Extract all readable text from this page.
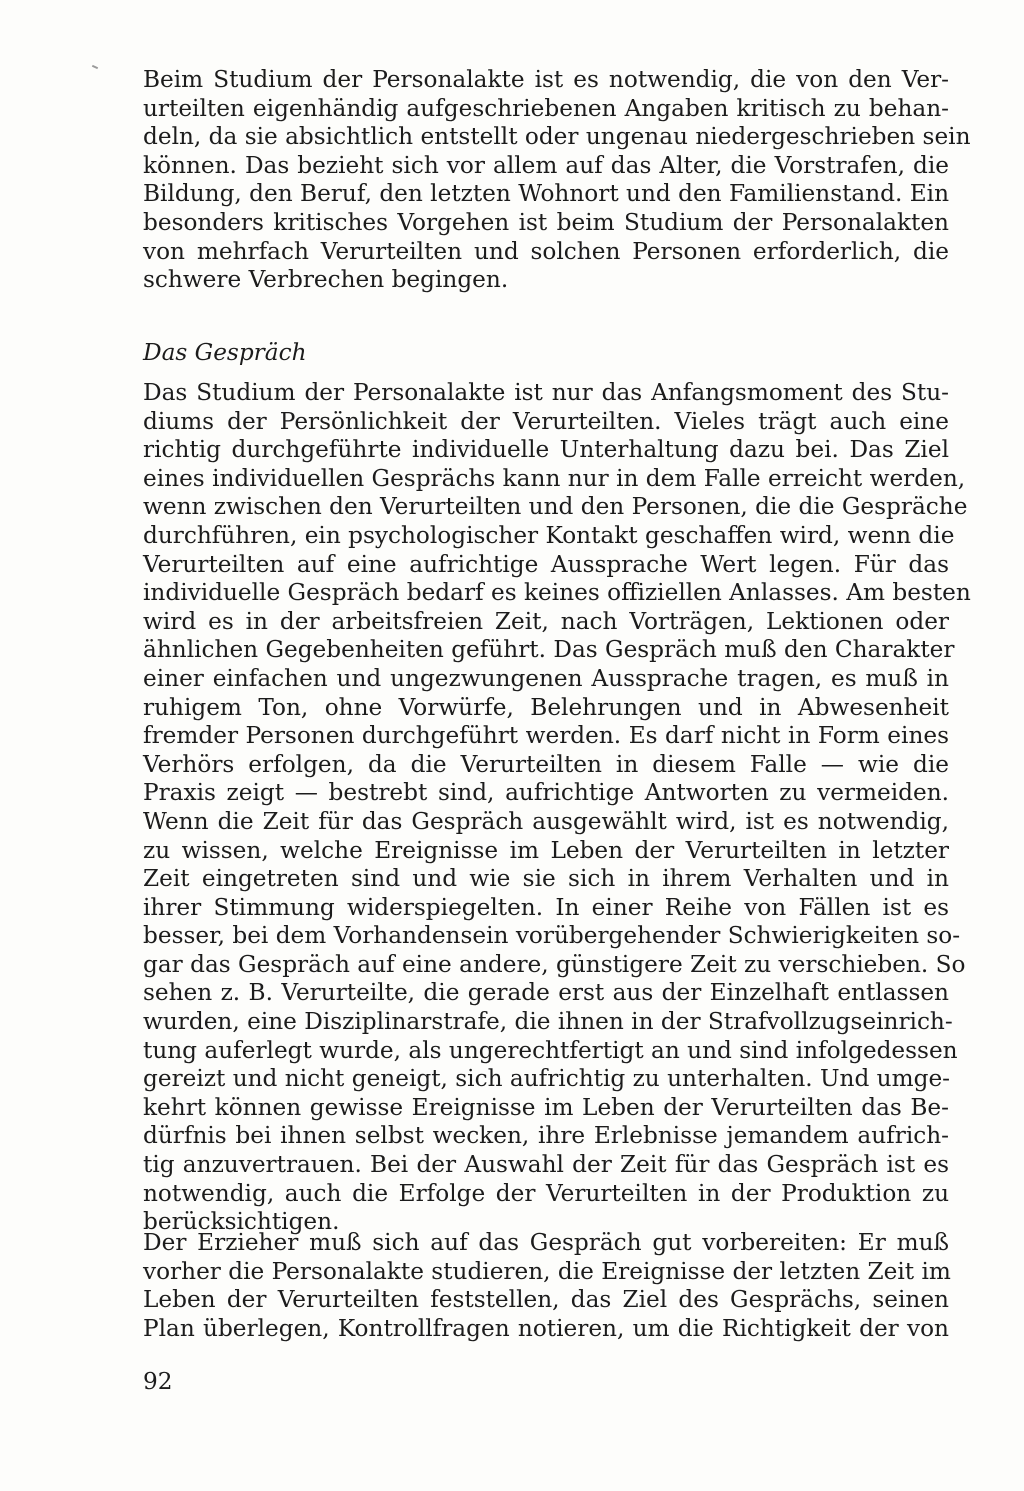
Beim Studium der Personalakte ist es notwendig, die von den Ver-
urteilten eigenhändig aufgeschriebenen Angaben kritisch zu behan-
deln, da sie absichtlich entstellt oder ungenau niedergeschrieben sein
können. Das bezieht sich vor allem auf das Alter, die Vorstrafen, die
Bildung, den Beruf, den letzten Wohnort und den Familienstand. Ein
besonders kritisches Vorgehen ist beim Studium der Personalakten
von mehrfach Verurteilten und solchen Personen erforderlich, die
schwere Verbrechen begingen.
Das Gespräch
Das Studium der Personalakte ist nur das Anfangsmoment des Stu-
diums der Persönlichkeit der Verurteilten. Vieles trägt auch eine
richtig durchgeführte individuelle Unterhaltung dazu bei. Das Ziel
eines individuellen Gesprächs kann nur in dem Falle erreicht werden,
wenn zwischen den Verurteilten und den Personen, die die Gespräche
durchführen, ein psychologischer Kontakt geschaffen wird, wenn die
Verurteilten auf eine aufrichtige Aussprache Wert legen. Für das
individuelle Gespräch bedarf es keines offiziellen Anlasses. Am besten
wird es in der arbeitsfreien Zeit, nach Vorträgen, Lektionen oder
ähnlichen Gegebenheiten geführt. Das Gespräch muß den Charakter
einer einfachen und ungezwungenen Aussprache tragen, es muß in
ruhigem Ton, ohne Vorwürfe, Belehrungen und in Abwesenheit
fremder Personen durchgeführt werden. Es darf nicht in Form eines
Verhörs erfolgen, da die Verurteilten in diesem Falle — wie die
Praxis zeigt — bestrebt sind, aufrichtige Antworten zu vermeiden.
Wenn die Zeit für das Gespräch ausgewählt wird, ist es notwendig,
zu wissen, welche Ereignisse im Leben der Verurteilten in letzter
Zeit eingetreten sind und wie sie sich in ihrem Verhalten und in
ihrer Stimmung widerspiegelten. In einer Reihe von Fällen ist es
besser, bei dem Vorhandensein vorübergehender Schwierigkeiten so-
gar das Gespräch auf eine andere, günstigere Zeit zu verschieben. So
sehen z. B. Verurteilte, die gerade erst aus der Einzelhaft entlassen
wurden, eine Disziplinarstrafe, die ihnen in der Strafvollzugseinrich-
tung auferlegt wurde, als ungerechtfertigt an und sind infolgedessen
gereizt und nicht geneigt, sich aufrichtig zu unterhalten. Und umge-
kehrt können gewisse Ereignisse im Leben der Verurteilten das Be-
dürfnis bei ihnen selbst wecken, ihre Erlebnisse jemandem aufrich-
tig anzuvertrauen. Bei der Auswahl der Zeit für das Gespräch ist es
notwendig, auch die Erfolge der Verurteilten in der Produktion zu
berücksichtigen.
Der Erzieher muß sich auf das Gespräch gut vorbereiten: Er muß
vorher die Personalakte studieren, die Ereignisse der letzten Zeit im
Leben der Verurteilten feststellen, das Ziel des Gesprächs, seinen
Plan überlegen, Kontrollfragen notieren, um die Richtigkeit der von
92
